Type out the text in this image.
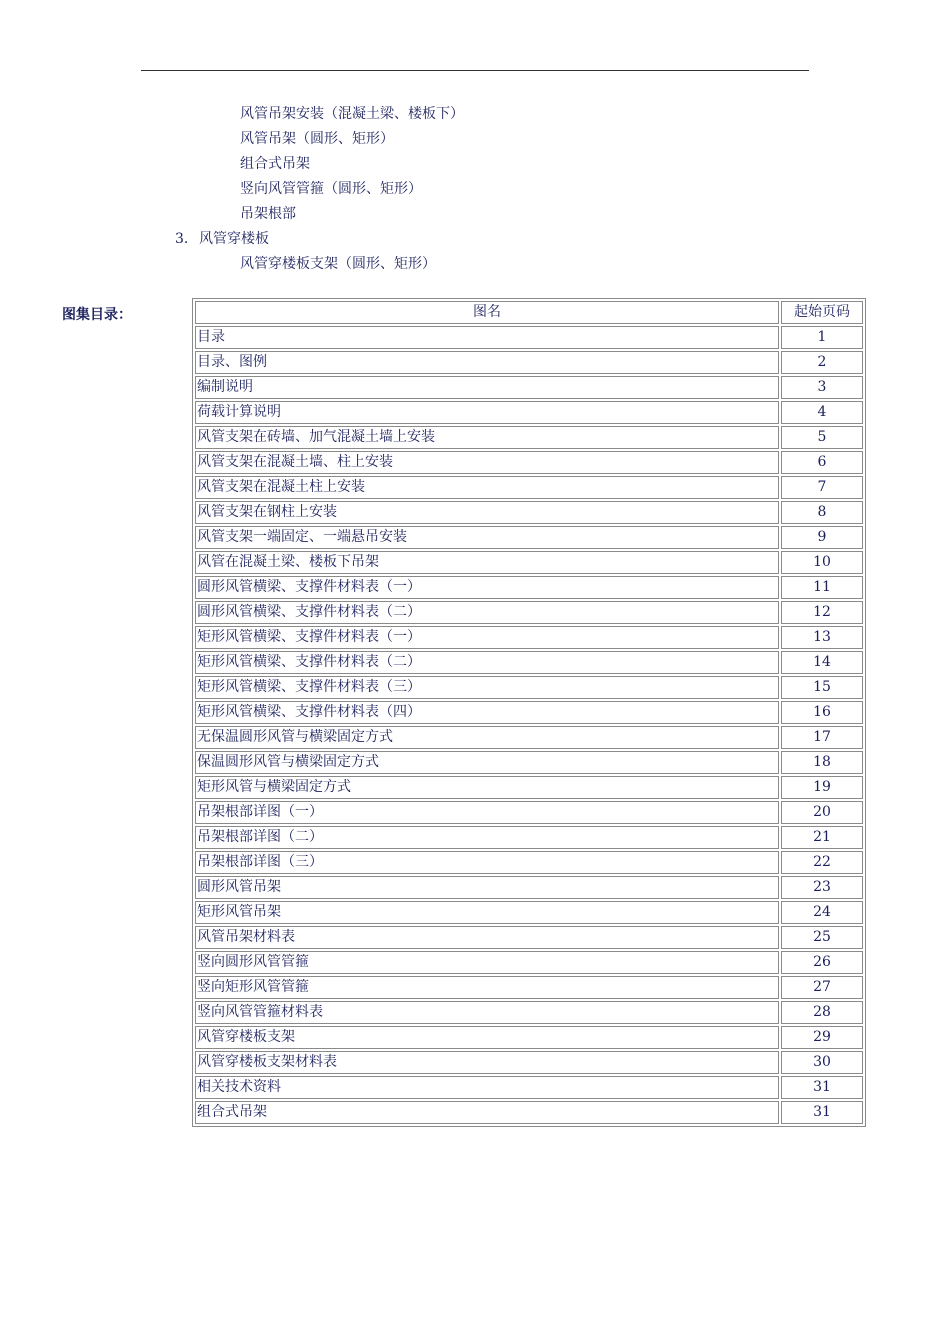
风管吊架安装（混凝土梁、楼板下）
风管吊架（圆形、矩形）
组合式吊架
竖向风管管箍（圆形、矩形）
吊架根部
3. 风管穿楼板
风管穿楼板支架（圆形、矩形）
图集目录：	图名	起始页码
目录	1
目录、图例	2
编制说明	3
荷载计算说明	4
风管支架在砖墙、加气混凝土墙上安装	5
风管支架在混凝土墙、柱上安装	6
风管支架在混凝土柱上安装	7
风管支架在钢柱上安装	8
风管支架一端固定、一端悬吊安装	9
风管在混凝土梁、楼板下吊架	10
圆形风管横梁、支撑件材料表（一）	11
圆形风管横梁、支撑件材料表（二）	12
矩形风管横梁、支撑件材料表（一）	13
矩形风管横梁、支撑件材料表（二）	14
矩形风管横梁、支撑件材料表（三）	15
矩形风管横梁、支撑件材料表（四）	16
无保温圆形风管与横梁固定方式	17
保温圆形风管与横梁固定方式	18
矩形风管与横梁固定方式	19
吊架根部详图（一）	20
吊架根部详图（二）	21
吊架根部详图（三）	22
圆形风管吊架	23
矩形风管吊架	24
风管吊架材料表	25
竖向圆形风管管箍	26
竖向矩形风管管箍	27
竖向风管管箍材料表	28
风管穿楼板支架	29
风管穿楼板支架材料表	30
相关技术资料	31
组合式吊架	31
